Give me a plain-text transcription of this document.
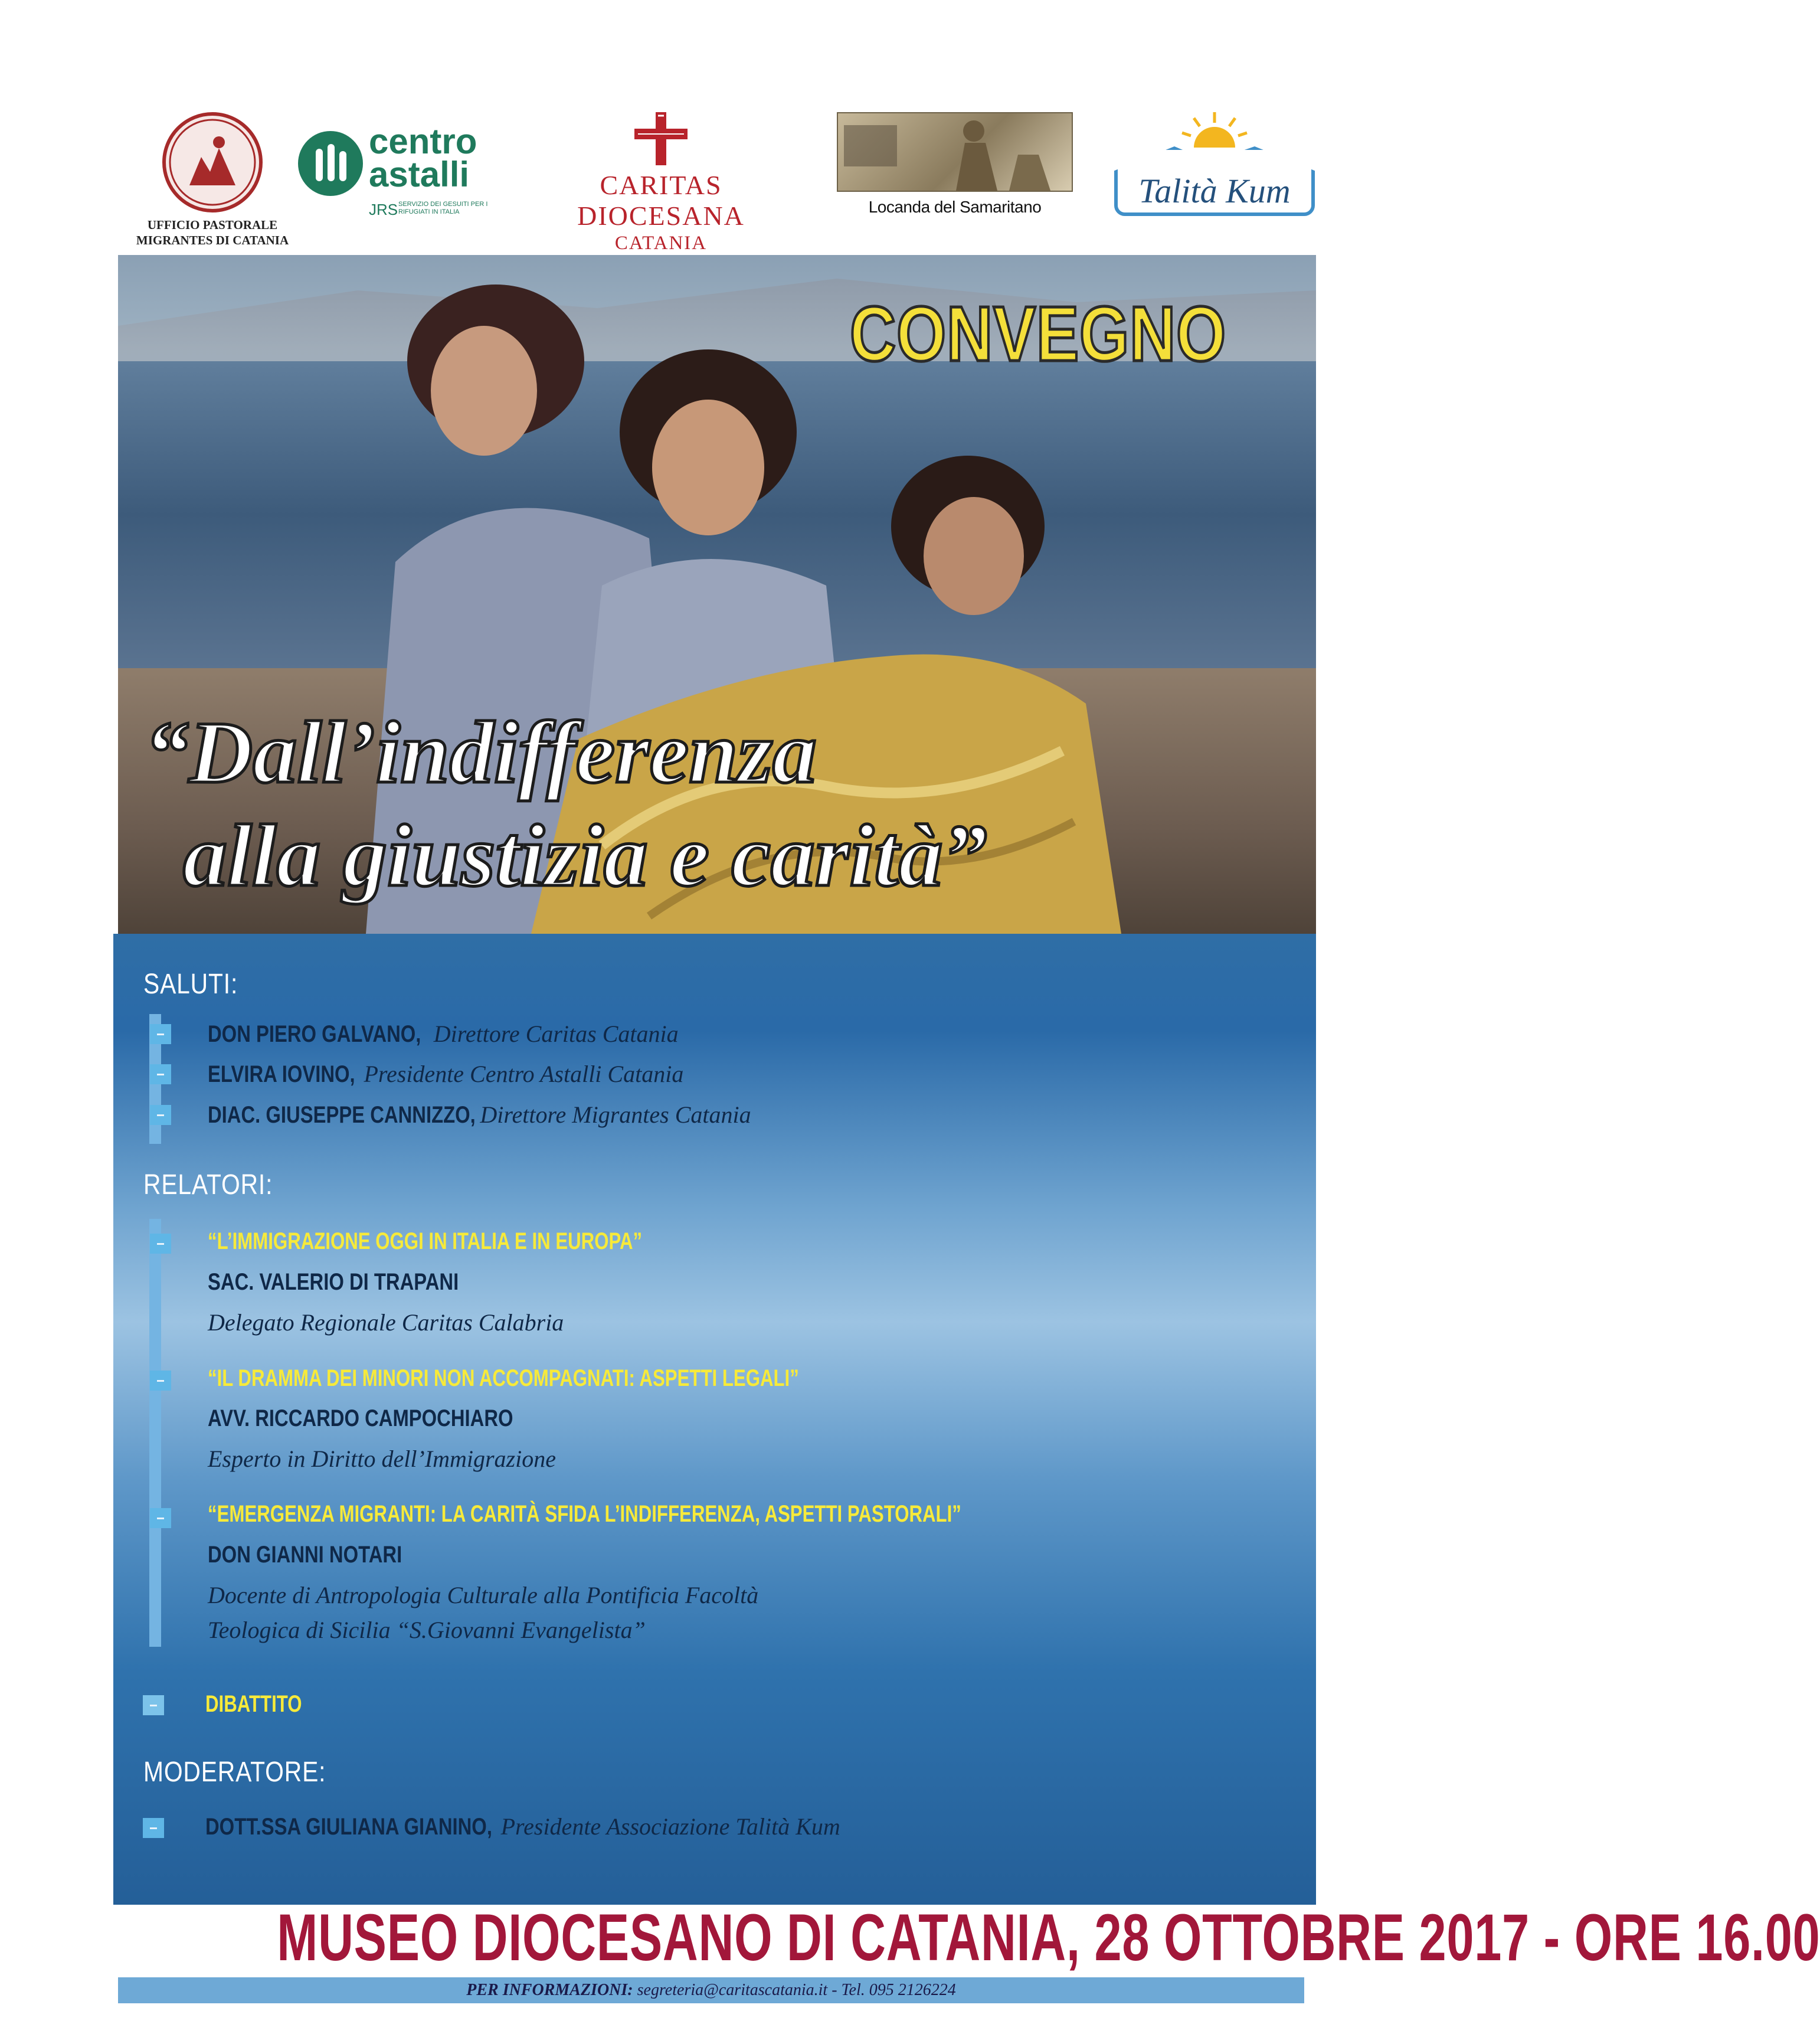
UFFICIO PASTORALE
MIGRANTES DI CATANIA
centro
astalli
JRS SERVIZIO DEI GESUITI PER I RIFUGIATI IN ITALIA
CARITAS DIOCESANA
CATANIA
Locanda del Samaritano	Talità Kum
CONVEGNO
“Dall’indifferenza
alla giustizia e carità”
SALUTI:
DON PIERO GALVANO, Direttore Caritas Catania
ELVIRA IOVINO, Presidente Centro Astalli Catania
DIAC. GIUSEPPE CANNIZZO, Direttore Migrantes Catania
RELATORI:
“L’IMMIGRAZIONE OGGI IN ITALIA E IN EUROPA”
SAC. VALERIO DI TRAPANI
Delegato Regionale Caritas Calabria
“IL DRAMMA DEI MINORI NON ACCOMPAGNATI: ASPETTI LEGALI”
AVV. RICCARDO CAMPOCHIARO
Esperto in Diritto dell’Immigrazione
“EMERGENZA MIGRANTI: LA CARITÀ SFIDA L’INDIFFERENZA, ASPETTI PASTORALI”
DON GIANNI NOTARI
Docente di Antropologia Culturale alla Pontificia Facoltà
Teologica di Sicilia “S.Giovanni Evangelista”
DIBATTITO
MODERATORE:
DOTT.SSA GIULIANA GIANINO, Presidente Associazione Talità Kum
MUSEO DIOCESANO DI CATANIA, 28 OTTOBRE 2017 - ORE 16.00
PER INFORMAZIONI: segreteria@caritascatania.it - Tel. 095 2126224
